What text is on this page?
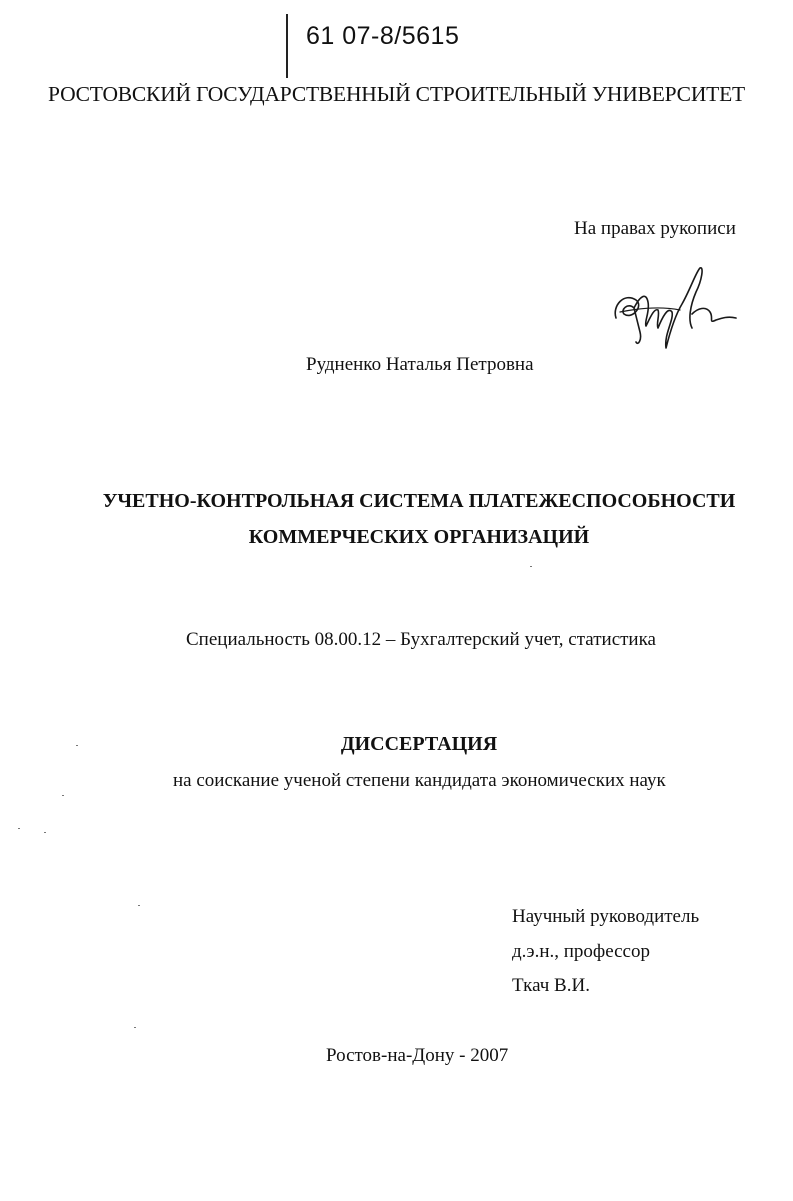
61 07-8/5615
РОСТОВСКИЙ ГОСУДАРСТВЕННЫЙ СТРОИТЕЛЬНЫЙ УНИВЕРСИТЕТ
На правах рукописи
Рудненко Наталья Петровна
УЧЕТНО-КОНТРОЛЬНАЯ СИСТЕМА ПЛАТЕЖЕСПОСОБНОСТИ
КОММЕРЧЕСКИХ ОРГАНИЗАЦИЙ
Специальность 08.00.12 – Бухгалтерский учет, статистика
ДИССЕРТАЦИЯ
на соискание ученой степени кандидата экономических наук
Научный руководитель
д.э.н., профессор
Ткач В.И.
Ростов-на-Дону - 2007
